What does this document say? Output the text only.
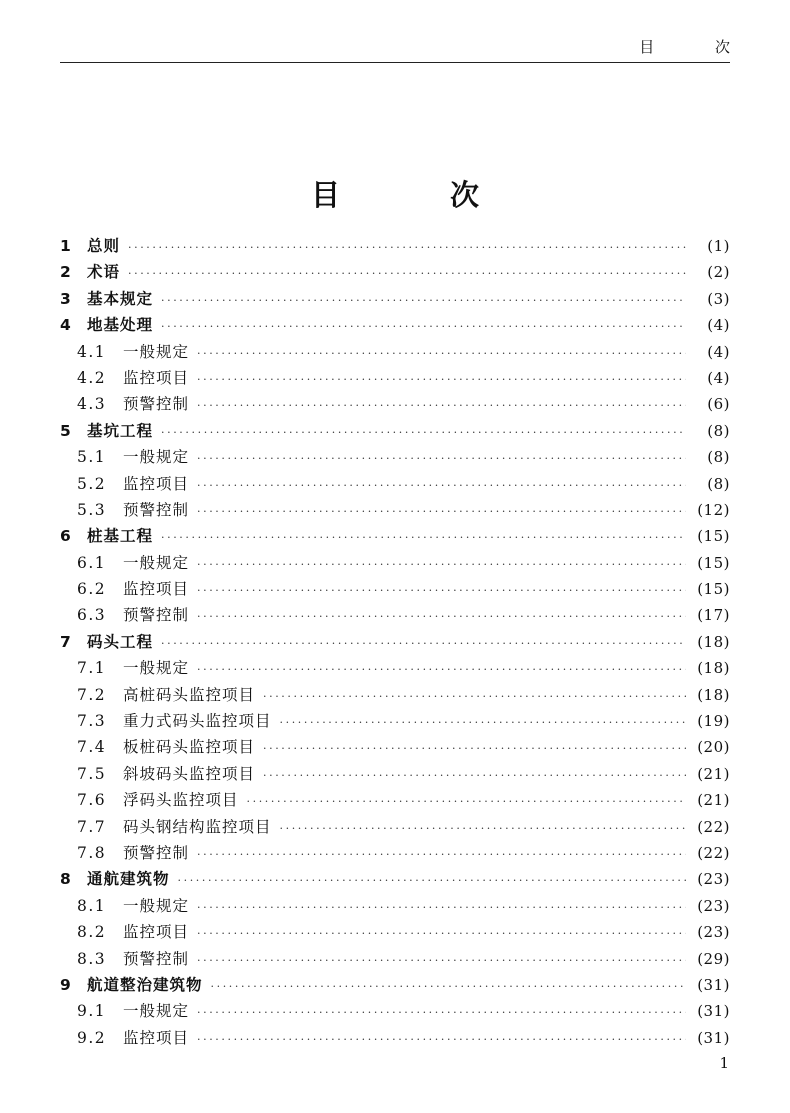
目 次
目 次
1	总则 ·····	(1)
2	术语 ·····	(2)
3	基本规定 ·····	(3)
4	地基处理 ·····	(4)
4.1	一般规定 ·····	(4)
4.2	监控项目 ·····	(4)
4.3	预警控制 ·····	(6)
5	基坑工程 ·····	(8)
5.1	一般规定 ·····	(8)
5.2	监控项目 ·····	(8)
5.3	预警控制 ·····	(12)
6	桩基工程 ·····	(15)
6.1	一般规定 ·····	(15)
6.2	监控项目 ·····	(15)
6.3	预警控制 ·····	(17)
7	码头工程 ·····	(18)
7.1	一般规定 ·····	(18)
7.2	高桩码头监控项目 ·····	(18)
7.3	重力式码头监控项目 ·····	(19)
7.4	板桩码头监控项目 ·····	(20)
7.5	斜坡码头监控项目 ·····	(21)
7.6	浮码头监控项目 ·····	(21)
7.7	码头钢结构监控项目 ·····	(22)
7.8	预警控制 ·····	(22)
8	通航建筑物 ·····	(23)
8.1	一般规定 ·····	(23)
8.2	监控项目 ·····	(23)
8.3	预警控制 ·····	(29)
9	航道整治建筑物 ·····	(31)
9.1	一般规定 ·····	(31)
9.2	监控项目 ·····	(31)
1
